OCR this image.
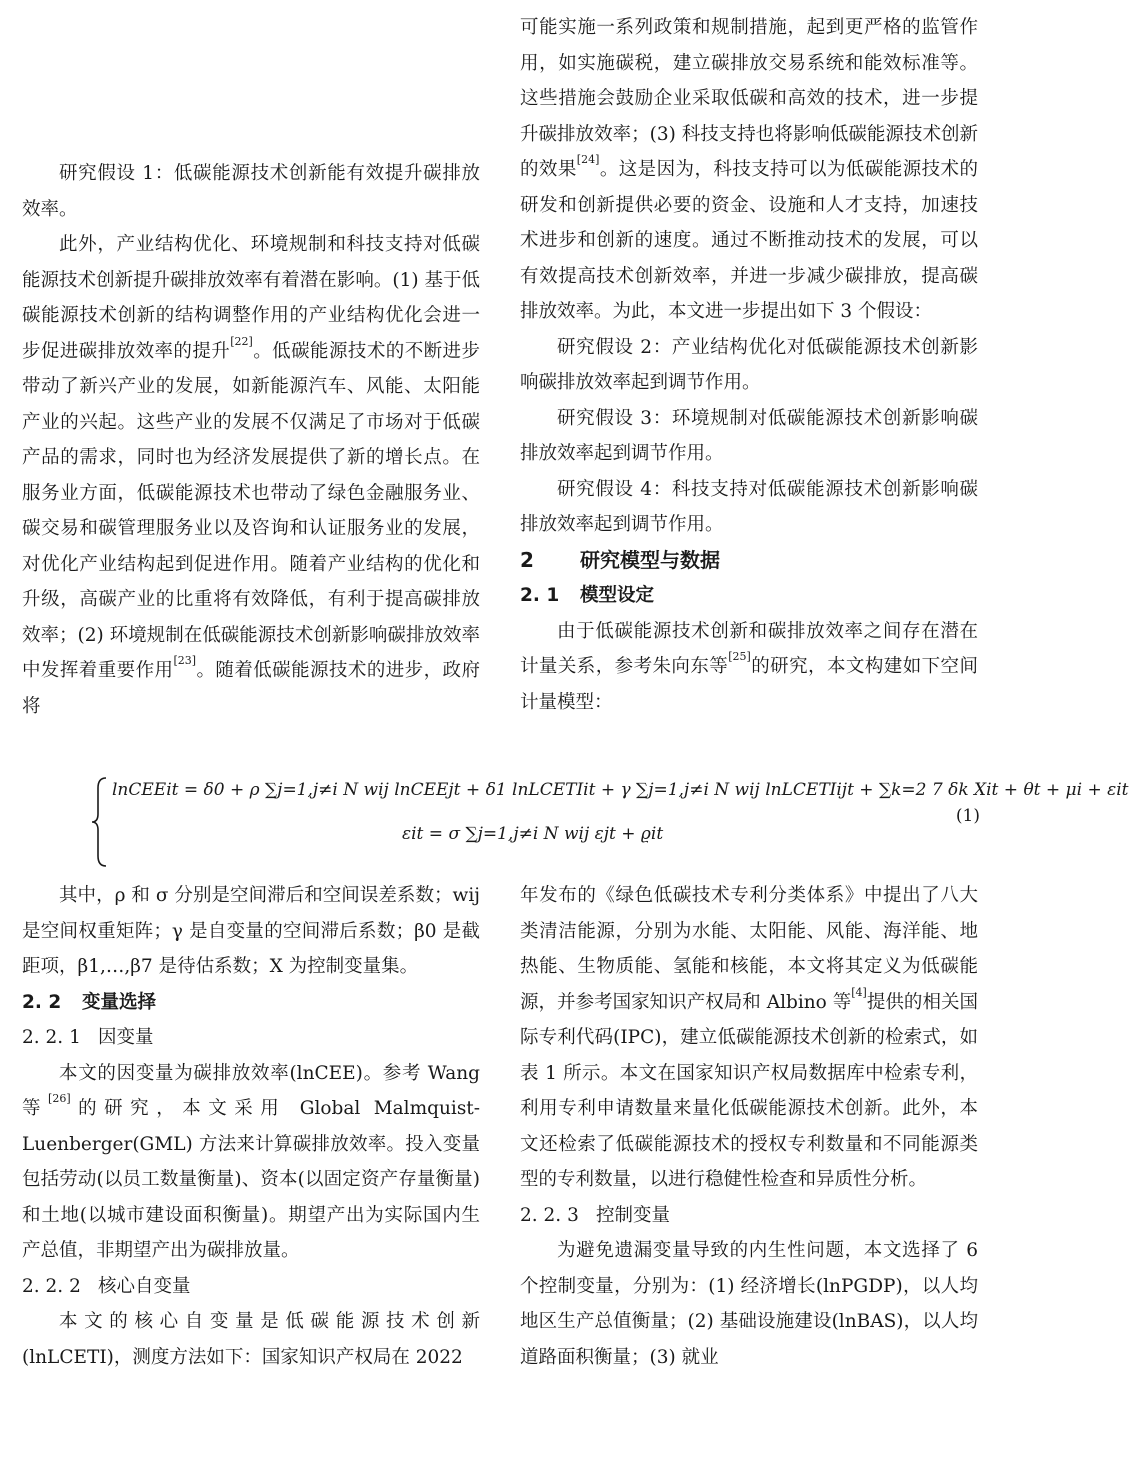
研究假设 1：低碳能源技术创新能有效提升碳排放效率。

此外，产业结构优化、环境规制和科技支持对低碳能源技术创新提升碳排放效率有着潜在影响。(1) 基于低碳能源技术创新的结构调整作用的产业结构优化会进一步促进碳排放效率的提升[22]。低碳能源技术的不断进步带动了新兴产业的发展，如新能源汽车、风能、太阳能产业的兴起。这些产业的发展不仅满足了市场对于低碳产品的需求，同时也为经济发展提供了新的增长点。在服务业方面，低碳能源技术也带动了绿色金融服务业、碳交易和碳管理服务业以及咨询和认证服务业的发展，对优化产业结构起到促进作用。随着产业结构的优化和升级，高碳产业的比重将有效降低，有利于提高碳排放效率；(2) 环境规制在低碳能源技术创新影响碳排放效率中发挥着重要作用[23]。随着低碳能源技术的进步，政府将

可能实施一系列政策和规制措施，起到更严格的监管作用，如实施碳税，建立碳排放交易系统和能效标准等。这些措施会鼓励企业采取低碳和高效的技术，进一步提升碳排放效率；(3) 科技支持也将影响低碳能源技术创新的效果[24]。这是因为，科技支持可以为低碳能源技术的研发和创新提供必要的资金、设施和人才支持，加速技术进步和创新的速度。通过不断推动技术的发展，可以有效提高技术创新效率，并进一步减少碳排放，提高碳排放效率。为此，本文进一步提出如下 3 个假设：

研究假设 2：产业结构优化对低碳能源技术创新影响碳排放效率起到调节作用。

研究假设 3：环境规制对低碳能源技术创新影响碳排放效率起到调节作用。

研究假设 4：科技支持对低碳能源技术创新影响碳排放效率起到调节作用。

2 研究模型与数据

2. 1 模型设定

由于低碳能源技术创新和碳排放效率之间存在潜在计量关系，参考朱向东等[25]的研究，本文构建如下空间计量模型：

lnCEEit = δ0 + ρ ∑j=1,j≠i N wij lnCEEjt + δ1 lnLCETIit + γ ∑j=1,j≠i N wij lnLCETIijt + ∑k=2 7 δk Xit + θt + μi + εit
εit = σ ∑j=1,j≠i N wij εjt + ϱit
(1)

其中，ρ 和 σ 分别是空间滞后和空间误差系数；wij是空间权重矩阵；γ 是自变量的空间滞后系数；β0 是截距项，β1,…,β7 是待估系数；X 为控制变量集。

2. 2 变量选择

2. 2. 1 因变量

本文的因变量为碳排放效率(lnCEE)。参考 Wang 等[26]的研究，本文采用 Global Malmquist-Luenberger(GML) 方法来计算碳排放效率。投入变量包括劳动(以员工数量衡量)、资本(以固定资产存量衡量)和土地(以城市建设面积衡量)。期望产出为实际国内生产总值，非期望产出为碳排放量。

2. 2. 2 核心自变量

本文的核心自变量是低碳能源技术创新(lnLCETI)，测度方法如下：国家知识产权局在 2022

年发布的《绿色低碳技术专利分类体系》中提出了八大类清洁能源，分别为水能、太阳能、风能、海洋能、地热能、生物质能、氢能和核能，本文将其定义为低碳能源，并参考国家知识产权局和 Albino 等[4]提供的相关国际专利代码(IPC)，建立低碳能源技术创新的检索式，如表 1 所示。本文在国家知识产权局数据库中检索专利，利用专利申请数量来量化低碳能源技术创新。此外，本文还检索了低碳能源技术的授权专利数量和不同能源类型的专利数量，以进行稳健性检查和异质性分析。

2. 2. 3 控制变量

为避免遗漏变量导致的内生性问题，本文选择了 6 个控制变量，分别为：(1) 经济增长(lnPGDP)，以人均地区生产总值衡量；(2) 基础设施建设(lnBAS)，以人均道路面积衡量；(3) 就业
